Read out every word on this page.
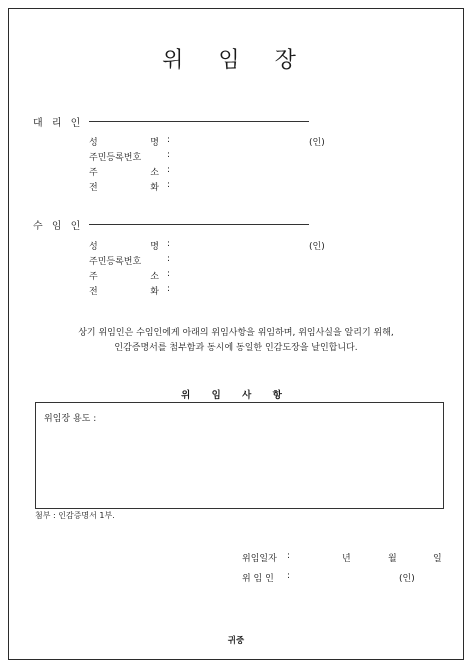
위 임 장
대 리 인
성	명 :	(인)
주민등록번호	:
주	소 :
전	화 :
수 임 인
성	명 :	(인)
주민등록번호	:
주	소 :
전	화 :
상기 위임인은 수임인에게 아래의 위임사항을 위임하며, 위임사실을 알리기 위해,
인감증명서를 첨부함과 동시에 동일한 인감도장을 날인합니다.
위 임 사 항
위임장 용도 :
첨부 : 인감증명서 1부.
위임일자 :	년	월	일
위 임 인 :	(인)
귀중
